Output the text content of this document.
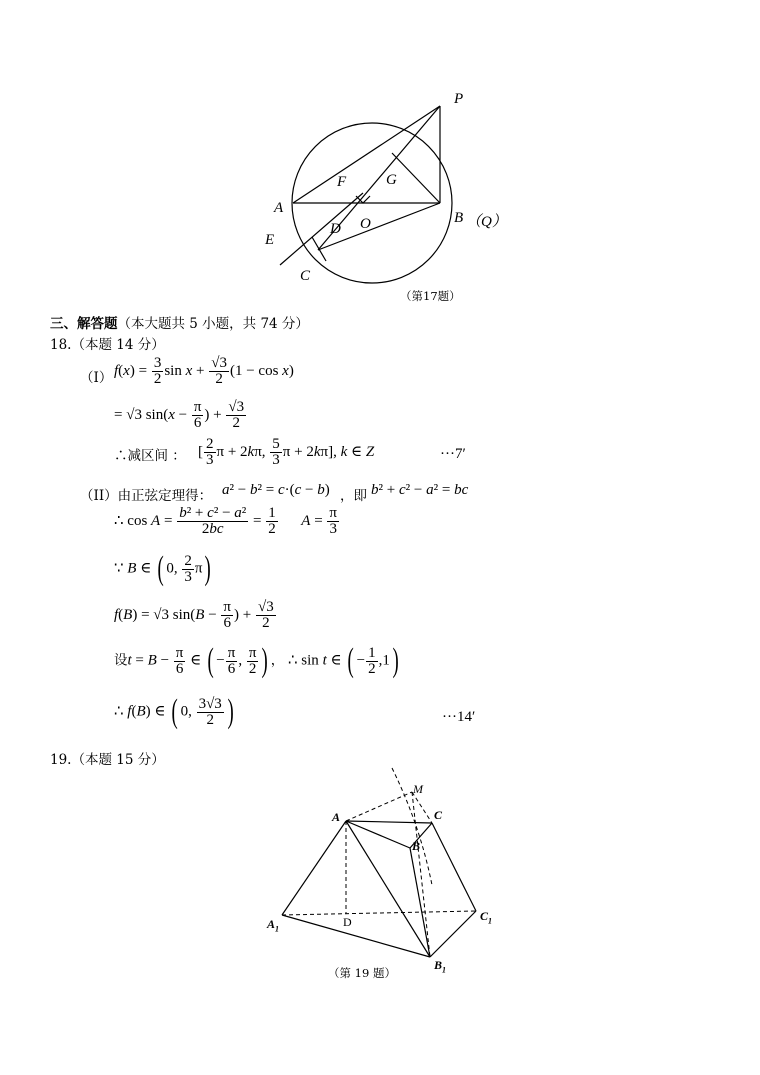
P
A
F	G
B （Q）
D O
E
C
（第17题）
三、解答题（本大题共 5 小题，共 74 分）
18.（本题 14 分）
（I） $f(x) = \frac{3}{2}$ $\sin x + \frac{√3}{2} (1 - \cos x)$
= √3 $\sin(x - \frac{\pi}{6}$ ) + $\frac{√3}{2}$
∴减区间 ： [ $\frac{2}{3}$ π + 2kπ, $\frac{5}{3}$ π + 2kπ], k ∈ Z	···7′
（II）由正弦定理得： a² − b² = c·(c − b) ，即 b² + c² − a² = bc
∴ $\cos A = \frac{\text{b² + c² − a²}}{2bc} = \frac{1}{2}$ $A = \frac{\pi}{3}$
∵ B ∈ ( 0, $\frac{2}{3} \pi$)
f(B) = √3 $\sin(B - \frac{\pi}{6}$ ) + $\frac{√3}{2}$
设$t = B - \frac{\pi}{6}$ ∈ ( − $\frac{\pi}{6}$ , $\frac{\pi}{2}$ ) ， ∴ sin t ∈ ( − $\frac{1}{2} ,1$)
∴ f(B) ∈ ( 0, $\frac{3√3}{2}$ )	···14′
19.（本题 15 分）
M
A	C
B
$A_1$
$C_1$
D
$B_1$
（第 19 题）
